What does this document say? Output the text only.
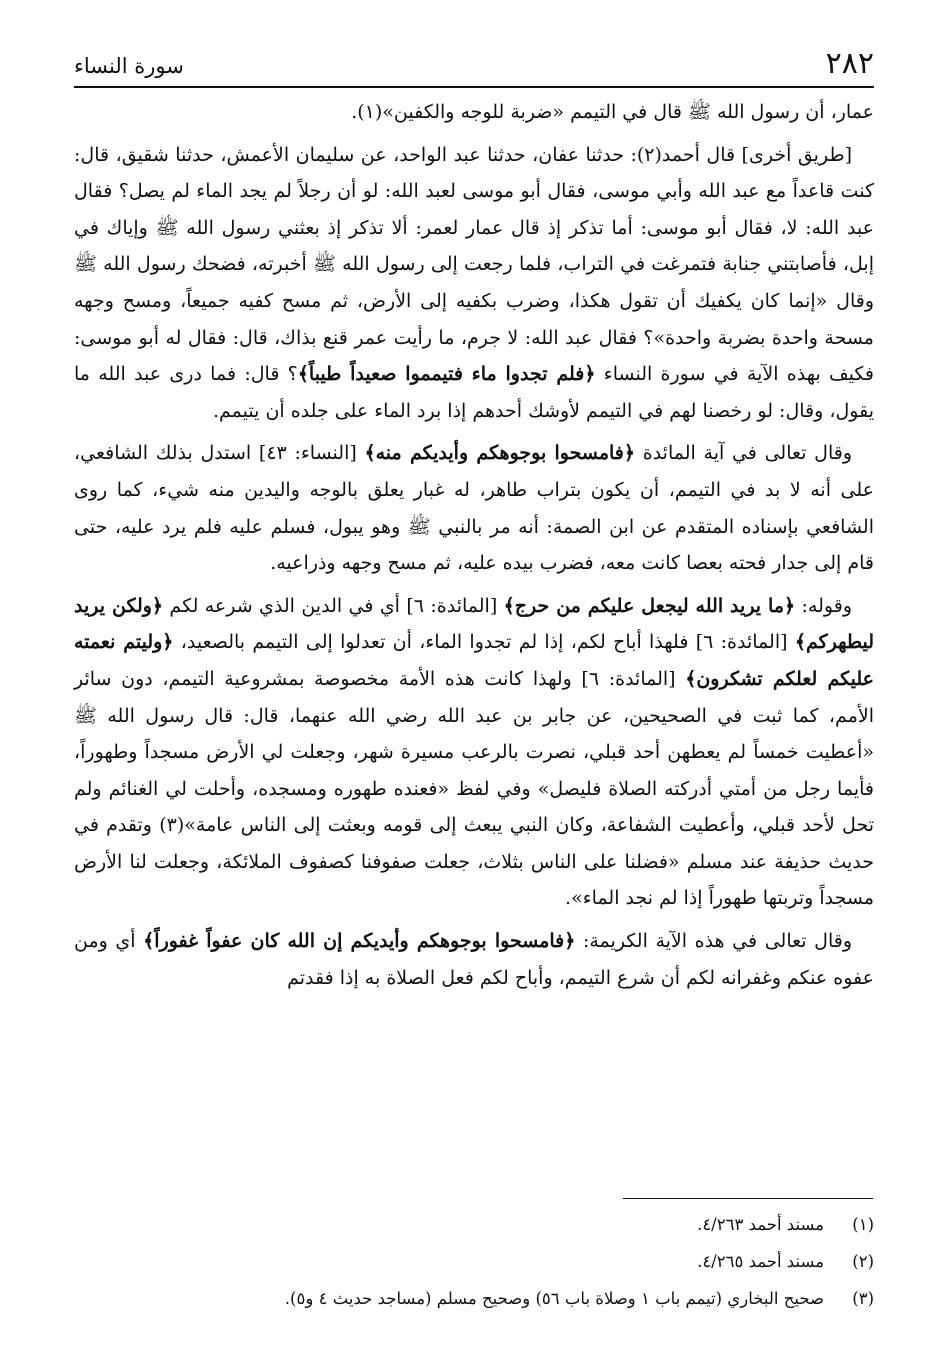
٢٨٢
سورة النساء

عمار، أن رسول الله ﷺ قال في التيمم «ضربة للوجه والكفين»(١).

[طريق أخرى] قال أحمد(٢): حدثنا عفان، حدثنا عبد الواحد، عن سليمان الأعمش، حدثنا شقيق، قال: كنت قاعداً مع عبد الله وأبي موسى، فقال أبو موسى لعبد الله: لو أن رجلاً لم يجد الماء لم يصل؟ فقال عبد الله: لا، فقال أبو موسى: أما تذكر إذ قال عمار لعمر: ألا تذكر إذ بعثني رسول الله ﷺ وإياك في إبل، فأصابتني جنابة فتمرغت في التراب، فلما رجعت إلى رسول الله ﷺ أخبرته، فضحك رسول الله ﷺ وقال «إنما كان يكفيك أن تقول هكذا، وضرب بكفيه إلى الأرض، ثم مسح كفيه جميعاً، ومسح وجهه مسحة واحدة بضربة واحدة»؟ فقال عبد الله: لا جرم، ما رأيت عمر قنع بذاك، قال: فقال له أبو موسى: فكيف بهذه الآية في سورة النساء ﴿فلم تجدوا ماء فتيمموا صعيداً طيباً﴾؟ قال: فما درى عبد الله ما يقول، وقال: لو رخصنا لهم في التيمم لأوشك أحدهم إذا برد الماء على جلده أن يتيمم.

وقال تعالى في آية المائدة ﴿فامسحوا بوجوهكم وأيديكم منه﴾ [النساء: ٤٣] استدل بذلك الشافعي، على أنه لا بد في التيمم، أن يكون بتراب طاهر، له غبار يعلق بالوجه واليدين منه شيء، كما روى الشافعي بإسناده المتقدم عن ابن الصمة: أنه مر بالنبي ﷺ وهو يبول، فسلم عليه فلم يرد عليه، حتى قام إلى جدار فحته بعصا كانت معه، فضرب بيده عليه، ثم مسح وجهه وذراعيه.

وقوله: ﴿ما يريد الله ليجعل عليكم من حرج﴾ [المائدة: ٦] أي في الدين الذي شرعه لكم ﴿ولكن يريد ليطهركم﴾ [المائدة: ٦] فلهذا أباح لكم، إذا لم تجدوا الماء، أن تعدلوا إلى التيمم بالصعيد، ﴿وليتم نعمته عليكم لعلكم تشكرون﴾ [المائدة: ٦] ولهذا كانت هذه الأمة مخصوصة بمشروعية التيمم، دون سائر الأمم، كما ثبت في الصحيحين، عن جابر بن عبد الله رضي الله عنهما، قال: قال رسول الله ﷺ «أعطيت خمساً لم يعطهن أحد قبلي، نصرت بالرعب مسيرة شهر، وجعلت لي الأرض مسجداً وطهوراً، فأيما رجل من أمتي أدركته الصلاة فليصل» وفي لفظ «فعنده طهوره ومسجده، وأحلت لي الغنائم ولم تحل لأحد قبلي، وأعطيت الشفاعة، وكان النبي يبعث إلى قومه وبعثت إلى الناس عامة»(٣) وتقدم في حديث حذيفة عند مسلم «فضلنا على الناس بثلاث، جعلت صفوفنا كصفوف الملائكة، وجعلت لنا الأرض مسجداً وتربتها طهوراً إذا لم نجد الماء».

وقال تعالى في هذه الآية الكريمة: ﴿فامسحوا بوجوهكم وأيديكم إن الله كان عفواً غفوراً﴾ أي ومن عفوه عنكم وغفرانه لكم أن شرع التيمم، وأباح لكم فعل الصلاة به إذا فقدتم

(١)
مسند أحمد ٤/٢٦٣.
(٢)
مسند أحمد ٤/٢٦٥.
(٣)
صحيح البخاري (تيمم باب ١ وصلاة باب ٥٦) وصحيح مسلم (مساجد حديث ٤ و٥).
